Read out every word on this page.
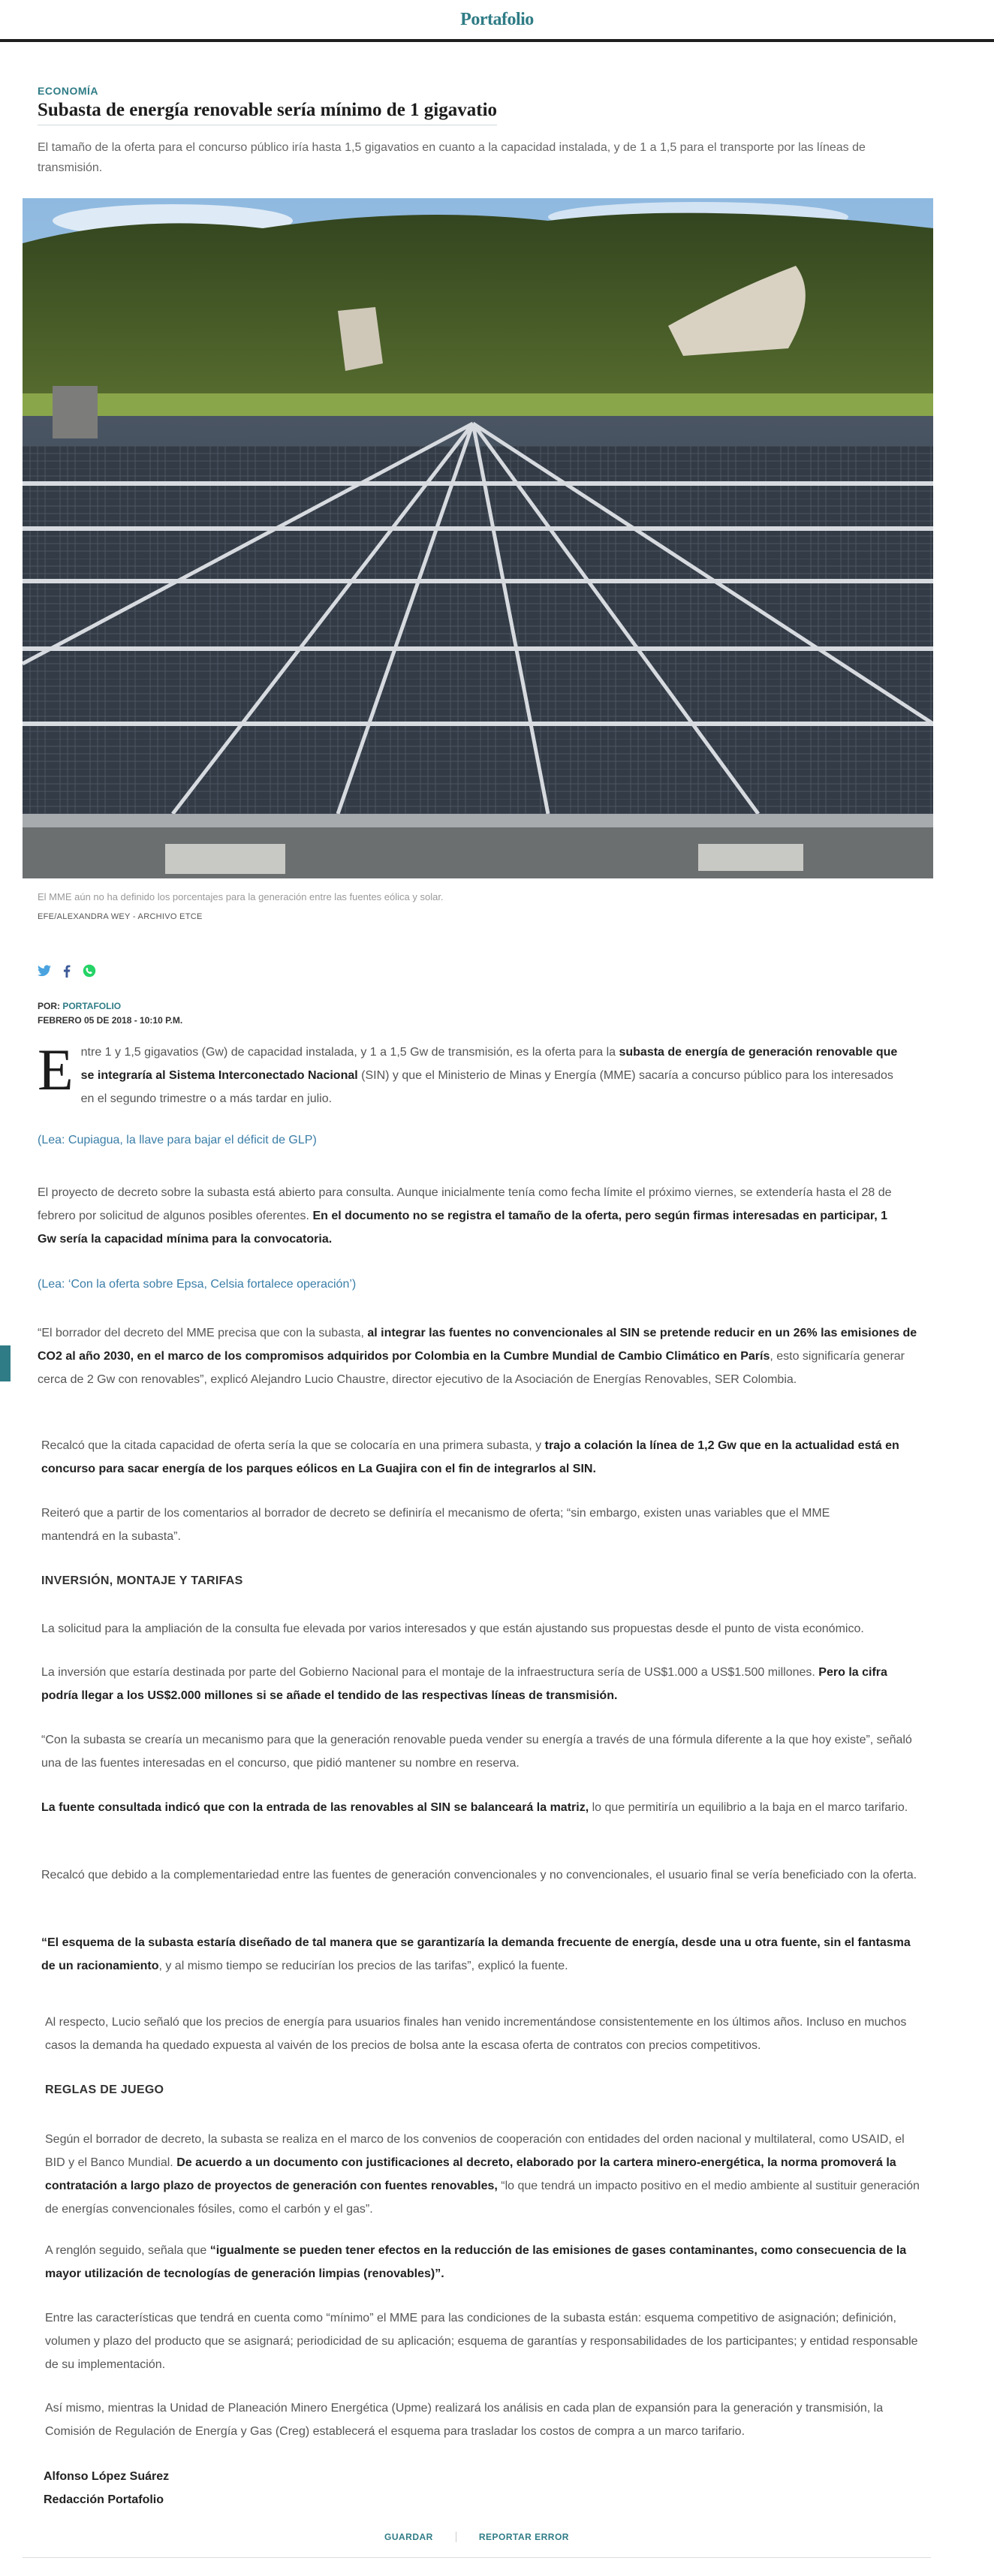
Portafolio
ECONOMÍA
Subasta de energía renovable sería mínimo de 1 gigavatio

El tamaño de la oferta para el concurso público iría hasta 1,5 gigavatios en cuanto a la capacidad instalada, y de 1 a 1,5 para el transporte por las líneas de transmisión.

El MME aún no ha definido los porcentajes para la generación entre las fuentes eólica y solar.
EFE/ALEXANDRA WEY - ARCHIVO ETCE
POR: PORTAFOLIO
FEBRERO 05 DE 2018 - 10:10 P.M.

Entre 1 y 1,5 gigavatios (Gw) de capacidad instalada, y 1 a 1,5 Gw de transmisión, es la oferta para la subasta de energía de generación renovable que se integraría al Sistema Interconectado Nacional (SIN) y que el Ministerio de Minas y Energía (MME) sacaría a concurso público para los interesados en el segundo trimestre o a más tardar en julio.

(Lea: Cupiagua, la llave para bajar el déficit de GLP)

El proyecto de decreto sobre la subasta está abierto para consulta. Aunque inicialmente tenía como fecha límite el próximo viernes, se extendería hasta el 28 de febrero por solicitud de algunos posibles oferentes. En el documento no se registra el tamaño de la oferta, pero según firmas interesadas en participar, 1 Gw sería la capacidad mínima para la convocatoria.

(Lea: ‘Con la oferta sobre Epsa, Celsia fortalece operación’)

“El borrador del decreto del MME precisa que con la subasta, al integrar las fuentes no convencionales al SIN se pretende reducir en un 26% las emisiones de CO2 al año 2030, en el marco de los compromisos adquiridos por Colombia en la Cumbre Mundial de Cambio Climático en París, esto significaría generar cerca de 2 Gw con renovables”, explicó Alejandro Lucio Chaustre, director ejecutivo de la Asociación de Energías Renovables, SER Colombia.

Recalcó que la citada capacidad de oferta sería la que se colocaría en una primera subasta, y trajo a colación la línea de 1,2 Gw que en la actualidad está en concurso para sacar energía de los parques eólicos en La Guajira con el fin de integrarlos al SIN.

Reiteró que a partir de los comentarios al borrador de decreto se definiría el mecanismo de oferta; “sin embargo, existen unas variables que el MME mantendrá en la subasta”.

INVERSIÓN, MONTAJE Y TARIFAS

La solicitud para la ampliación de la consulta fue elevada por varios interesados y que están ajustando sus propuestas desde el punto de vista económico.

La inversión que estaría destinada por parte del Gobierno Nacional para el montaje de la infraestructura sería de US$1.000 a US$1.500 millones. Pero la cifra podría llegar a los US$2.000 millones si se añade el tendido de las respectivas líneas de transmisión.

“Con la subasta se crearía un mecanismo para que la generación renovable pueda vender su energía a través de una fórmula diferente a la que hoy existe”, señaló una de las fuentes interesadas en el concurso, que pidió mantener su nombre en reserva.

La fuente consultada indicó que con la entrada de las renovables al SIN se balanceará la matriz, lo que permitiría un equilibrio a la baja en el marco tarifario.

Recalcó que debido a la complementariedad entre las fuentes de generación convencionales y no convencionales, el usuario final se vería beneficiado con la oferta.

“El esquema de la subasta estaría diseñado de tal manera que se garantizaría la demanda frecuente de energía, desde una u otra fuente, sin el fantasma de un racionamiento, y al mismo tiempo se reducirían los precios de las tarifas”, explicó la fuente.

Al respecto, Lucio señaló que los precios de energía para usuarios finales han venido incrementándose consistentemente en los últimos años. Incluso en muchos casos la demanda ha quedado expuesta al vaivén de los precios de bolsa ante la escasa oferta de contratos con precios competitivos.

REGLAS DE JUEGO

Según el borrador de decreto, la subasta se realiza en el marco de los convenios de cooperación con entidades del orden nacional y multilateral, como USAID, el BID y el Banco Mundial. De acuerdo a un documento con justificaciones al decreto, elaborado por la cartera minero-energética, la norma promoverá la contratación a largo plazo de proyectos de generación con fuentes renovables, “lo que tendrá un impacto positivo en el medio ambiente al sustituir generación de energías convencionales fósiles, como el carbón y el gas”.

A renglón seguido, señala que “igualmente se pueden tener efectos en la reducción de las emisiones de gases contaminantes, como consecuencia de la mayor utilización de tecnologías de generación limpias (renovables)”.

Entre las características que tendrá en cuenta como “mínimo” el MME para las condiciones de la subasta están: esquema competitivo de asignación; definición, volumen y plazo del producto que se asignará; periodicidad de su aplicación; esquema de garantías y responsabilidades de los participantes; y entidad responsable de su implementación.

Así mismo, mientras la Unidad de Planeación Minero Energética (Upme) realizará los análisis en cada plan de expansión para la generación y transmisión, la Comisión de Regulación de Energía y Gas (Creg) establecerá el esquema para trasladar los costos de compra a un marco tarifario.

Alfonso López Suárez
Redacción Portafolio
GUARDAR	REPORTAR ERROR
